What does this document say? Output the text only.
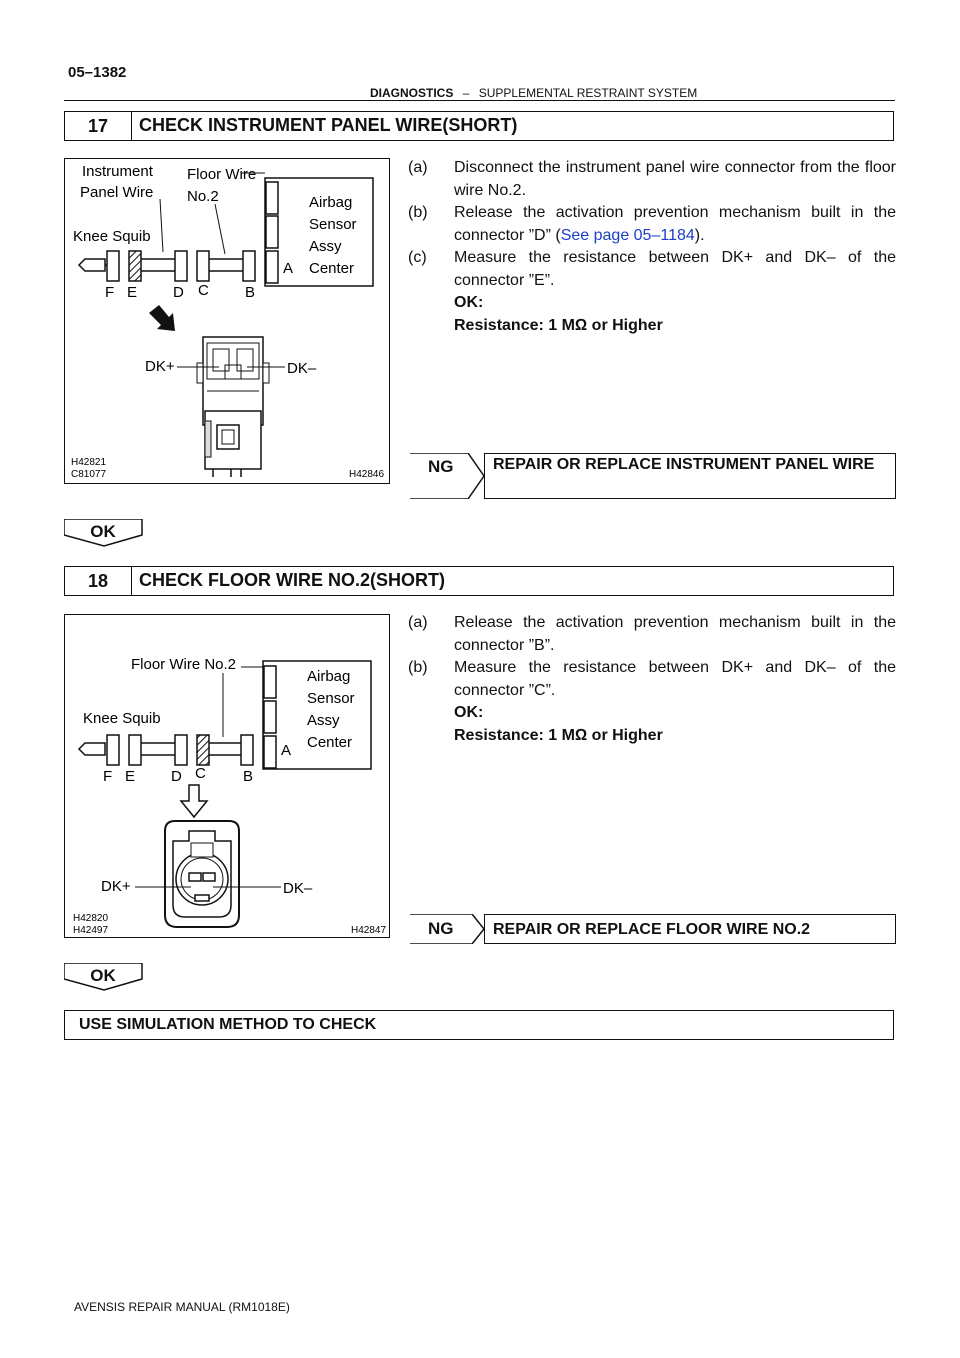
05–1382
DIAGNOSTICS – SUPPLEMENTAL RESTRAINT SYSTEM
17	CHECK INSTRUMENT PANEL WIRE(SHORT)
Instrument
Panel Wire
Floor Wire
No.2
Knee Squib
Airbag
Sensor
Assy
Center
F E D C B
A
DK+	DK–
H42821
C81077	H42846
(a)	Disconnect the instrument panel wire connector from the floor wire No.2.
(b)	Release the activation prevention mechanism built in the connector ”D” (See page 05–1184).
(c)	Measure the resistance between DK+ and DK– of the connector ”E”.
OK:
Resistance: 1 MΩ or Higher
NG	REPAIR OR REPLACE INSTRUMENT PANEL WIRE
OK
18	CHECK FLOOR WIRE NO.2(SHORT)
Floor Wire No.2
Knee Squib
Airbag
Sensor
Assy
Center
F E D C B
A
DK+	DK–
H42820
H42497	H42847
(a)	Release the activation prevention mechanism built in the connector ”B”.
(b)	Measure the resistance between DK+ and DK– of the connector ”C”.
OK:
Resistance: 1 MΩ or Higher
NG	REPAIR OR REPLACE FLOOR WIRE NO.2
OK
USE SIMULATION METHOD TO CHECK
AVENSIS REPAIR MANUAL (RM1018E)
